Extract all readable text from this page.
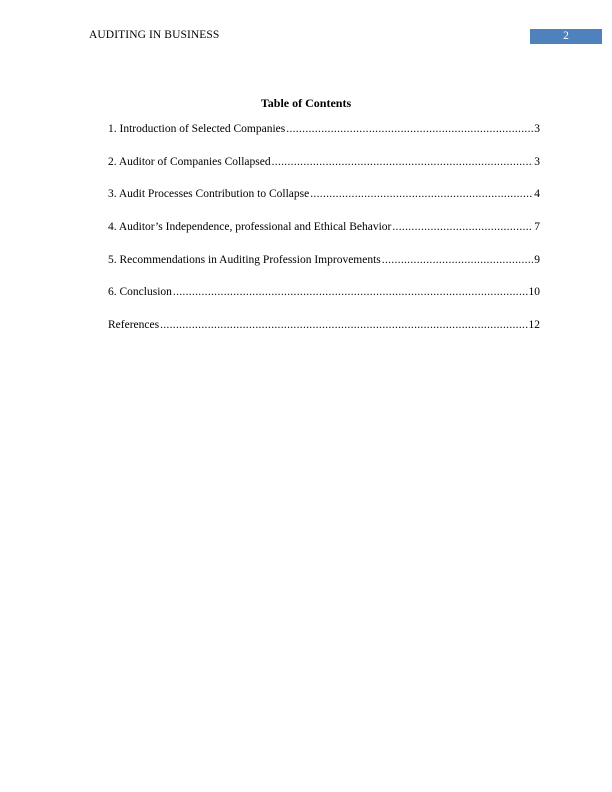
AUDITING IN BUSINESS	2
Table of Contents
1. Introduction of Selected Companies .....	3
2. Auditor of Companies Collapsed .....	3
3. Audit Processes Contribution to Collapse .....	4
4. Auditor’s Independence, professional and Ethical Behavior .....	7
5. Recommendations in Auditing Profession Improvements .....	9
6. Conclusion .....	10
References .....	12
